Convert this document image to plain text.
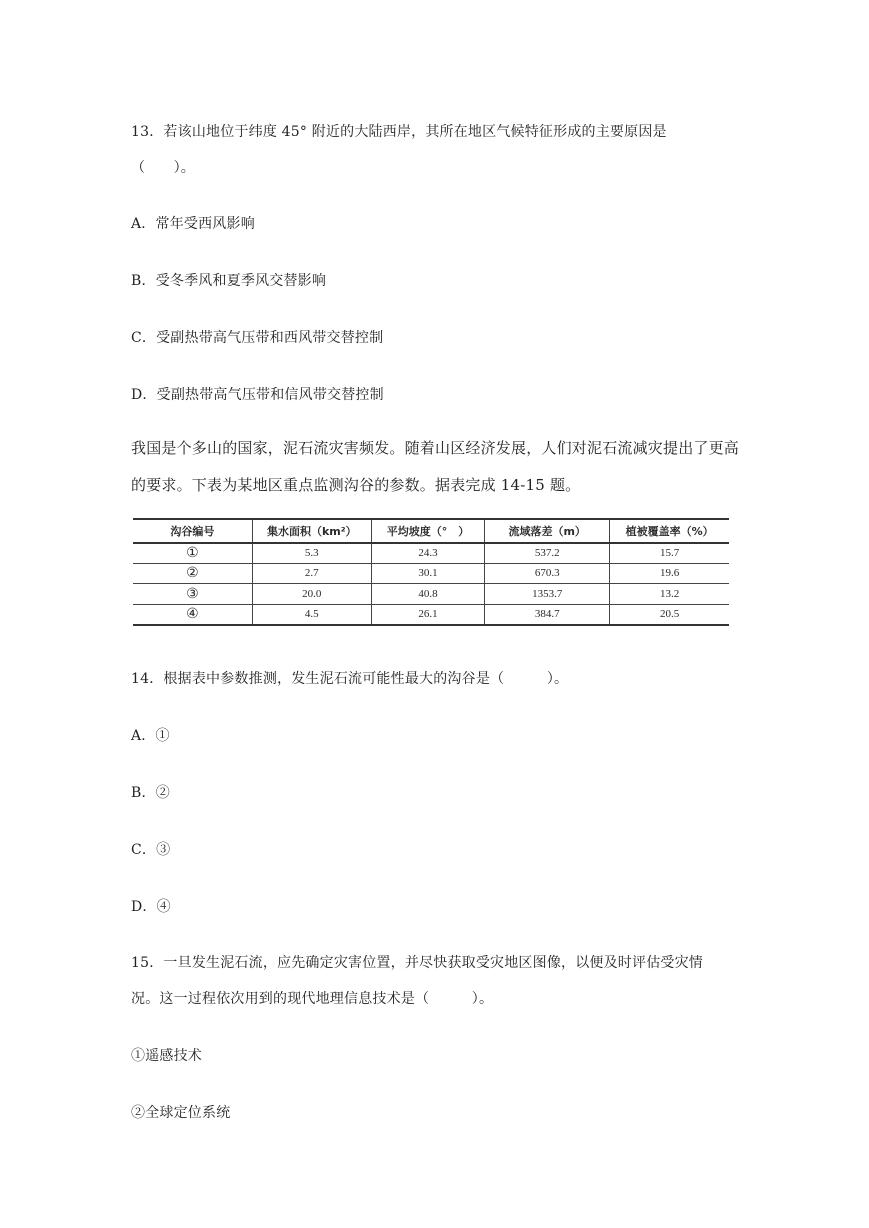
13．若该山地位于纬度 45° 附近的大陆西岸，其所在地区气候特征形成的主要原因是
（　　）。
A．常年受西风影响
B．受冬季风和夏季风交替影响
C．受副热带高气压带和西风带交替控制
D．受副热带高气压带和信风带交替控制
我国是个多山的国家，泥石流灾害频发。随着山区经济发展，人们对泥石流减灾提出了更高
的要求。下表为某地区重点监测沟谷的参数。据表完成 14-15 题。
沟谷编号	集水面积（km²）	平均坡度（°　）	流域落差（m）	植被覆盖率（%）
①	5.3	24.3	537.2	15.7
②	2.7	30.1	670.3	19.6
③	20.0	40.8	1353.7	13.2
④	4.5	26.1	384.7	20.5
14．根据表中参数推测，发生泥石流可能性最大的沟谷是（　　　）。
A．①
B．②
C．③
D．④
15．一旦发生泥石流，应先确定灾害位置，并尽快获取受灾地区图像，以便及时评估受灾情
况。这一过程依次用到的现代地理信息技术是（　　　）。
①遥感技术
②全球定位系统
